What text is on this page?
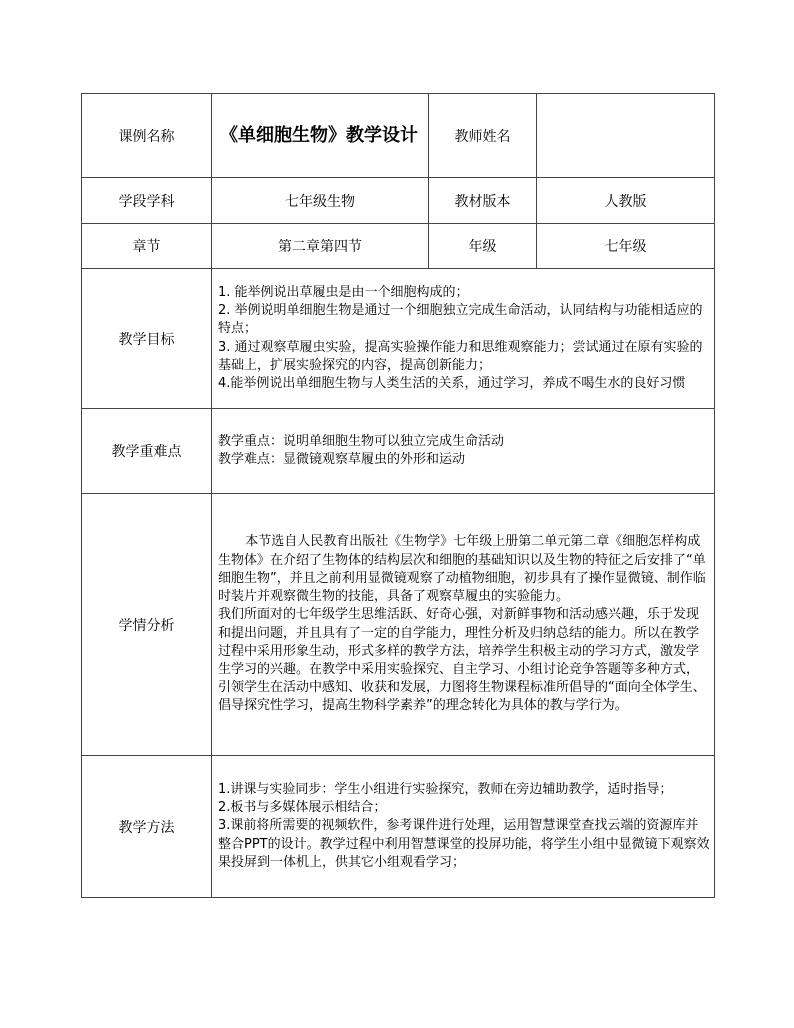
课例名称	《单细胞生物》教学设计	教师姓名	
学段学科	七年级生物	教材版本	人教版
章节	第二章第四节	年级	七年级
教学目标	1. 能举例说出草履虫是由一个细胞构成的；

2. 举例说明单细胞生物是通过一个细胞独立完成生命活动，认同结构与功能相适应的特点；

3. 通过观察草履虫实验，提高实验操作能力和思维观察能力；尝试通过在原有实验的基础上，扩展实验探究的内容，提高创新能力；

4.能举例说出单细胞生物与人类生活的关系，通过学习，养成不喝生水的良好习惯		

教学重难点	教学重点：说明单细胞生物可以独立完成生命活动

教学难点：显微镜观察草履虫的外形和运动		

学情分析	本节选自人民教育出版社《生物学》七年级上册第二单元第二章《细胞怎样构成生物体》在介绍了生物体的结构层次和细胞的基础知识以及生物的特征之后安排了“单细胞生物”，并且之前利用显微镜观察了动植物细胞，初步具有了操作显微镜、制作临时装片并观察微生物的技能，具备了观察草履虫的实验能力。

我们所面对的七年级学生思维活跃、好奇心强，对新鲜事物和活动感兴趣，乐于发现和提出问题，并且具有了一定的自学能力，理性分析及归纳总结的能力。所以在教学过程中采用形象生动，形式多样的教学方法，培养学生积极主动的学习方式，激发学生学习的兴趣。在教学中采用实验探究、自主学习、小组讨论竞争答题等多种方式，引领学生在活动中感知、收获和发展，力图将生物课程标准所倡导的“面向全体学生、倡导探究性学习，提高生物科学素养”的理念转化为具体的教与学行为。		

教学方法	1.讲课与实验同步：学生小组进行实验探究，教师在旁边辅助教学，适时指导；

2.板书与多媒体展示相结合；

3.课前将所需要的视频软件，参考课件进行处理，运用智慧课堂查找云端的资源库并整合PPT的设计。教学过程中利用智慧课堂的投屏功能，将学生小组中显微镜下观察效果投屏到一体机上，供其它小组观看学习；		
